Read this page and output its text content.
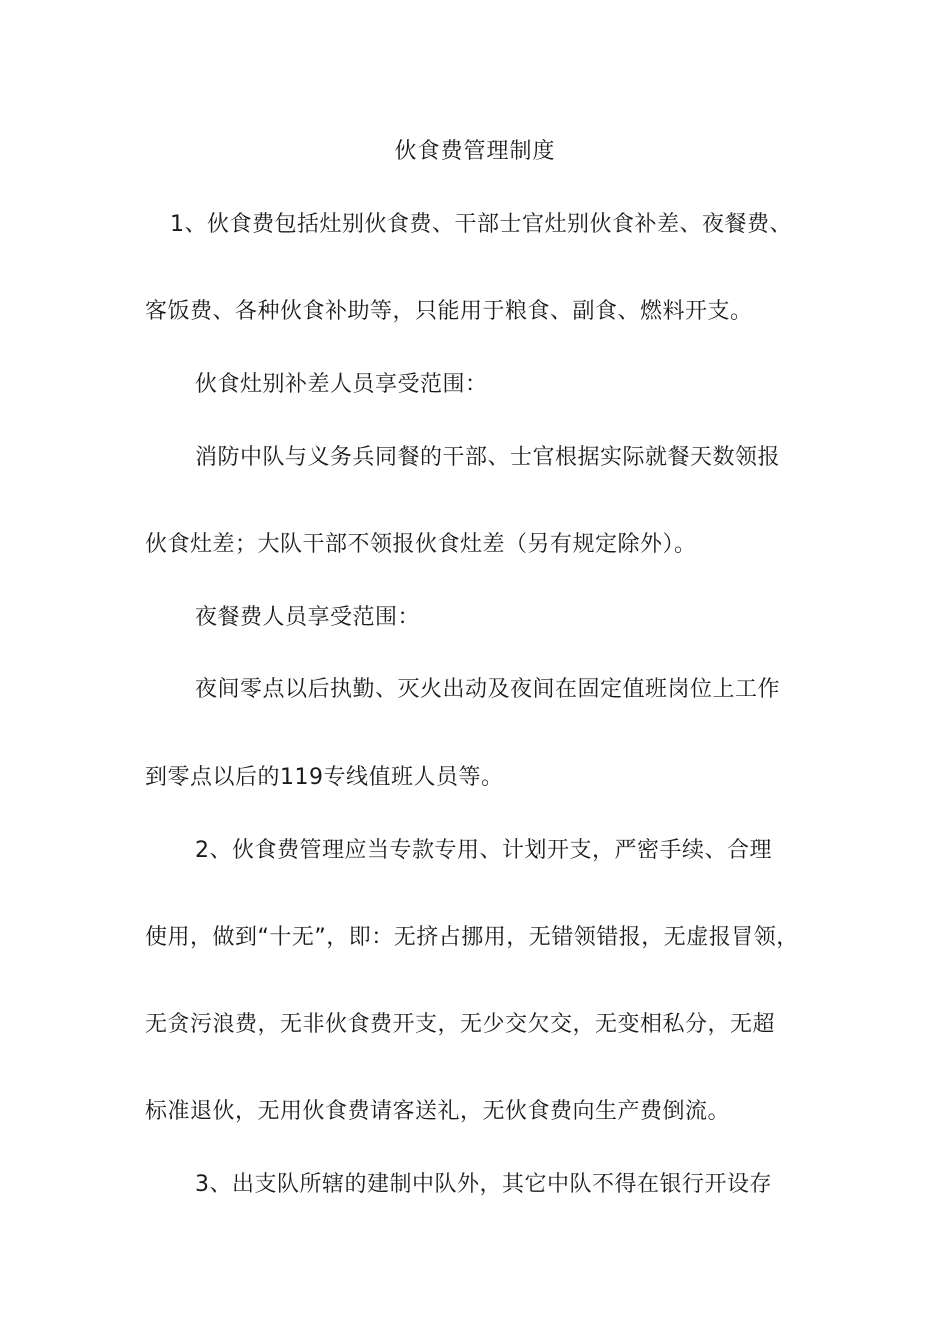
伙食费管理制度
1、伙食费包括灶别伙食费、干部士官灶别伙食补差、夜餐费、
客饭费、各种伙食补助等，只能用于粮食、副食、燃料开支。
伙食灶别补差人员享受范围：
消防中队与义务兵同餐的干部、士官根据实际就餐天数领报
伙食灶差；大队干部不领报伙食灶差（另有规定除外）。
夜餐费人员享受范围：
夜间零点以后执勤、灭火出动及夜间在固定值班岗位上工作
到零点以后的119专线值班人员等。
2、伙食费管理应当专款专用、计划开支，严密手续、合理
使用，做到“十无”，即：无挤占挪用，无错领错报，无虚报冒领，
无贪污浪费，无非伙食费开支，无少交欠交，无变相私分，无超
标准退伙，无用伙食费请客送礼，无伙食费向生产费倒流。
3、出支队所辖的建制中队外，其它中队不得在银行开设存
